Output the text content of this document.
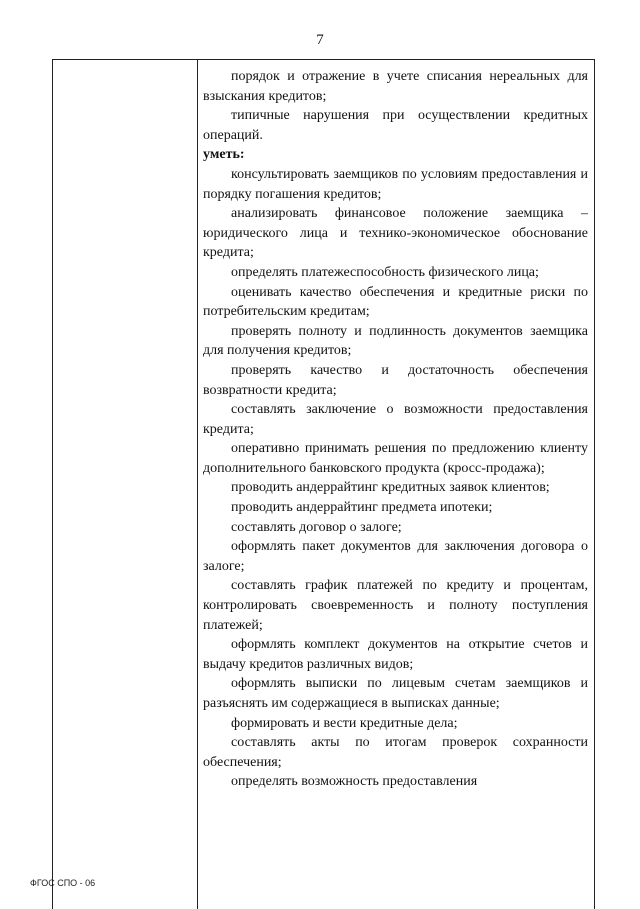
7

порядок и отражение в учете списания нереальных для взыскания кредитов;

типичные нарушения при осуществлении кредитных операций.

уметь:

консультировать заемщиков по условиям предоставления и порядку погашения кредитов;

анализировать финансовое положение заемщика – юридического лица и технико-экономическое обоснование кредита;

определять платежеспособность физического лица;

оценивать качество обеспечения и кредитные риски по потребительским кредитам;

проверять полноту и подлинность документов заемщика для получения кредитов;

проверять качество и достаточность обеспечения возвратности кредита;

составлять заключение о возможности предоставления кредита;

оперативно принимать решения по предложению клиенту дополнительного банковского продукта (кросс-продажа);

проводить андеррайтинг кредитных заявок клиентов;

проводить андеррайтинг предмета ипотеки;

составлять договор о залоге;

оформлять пакет документов для заключения договора о залоге;

составлять график платежей по кредиту и процентам, контролировать своевременность и полноту поступления платежей;

оформлять комплект документов на открытие счетов и выдачу кредитов различных видов;

оформлять выписки по лицевым счетам заемщиков и разъяснять им содержащиеся в выписках данные;

формировать и вести кредитные дела;

составлять акты по итогам проверок сохранности обеспечения;

определять возможность предоставления

ФГОС СПО - 06
